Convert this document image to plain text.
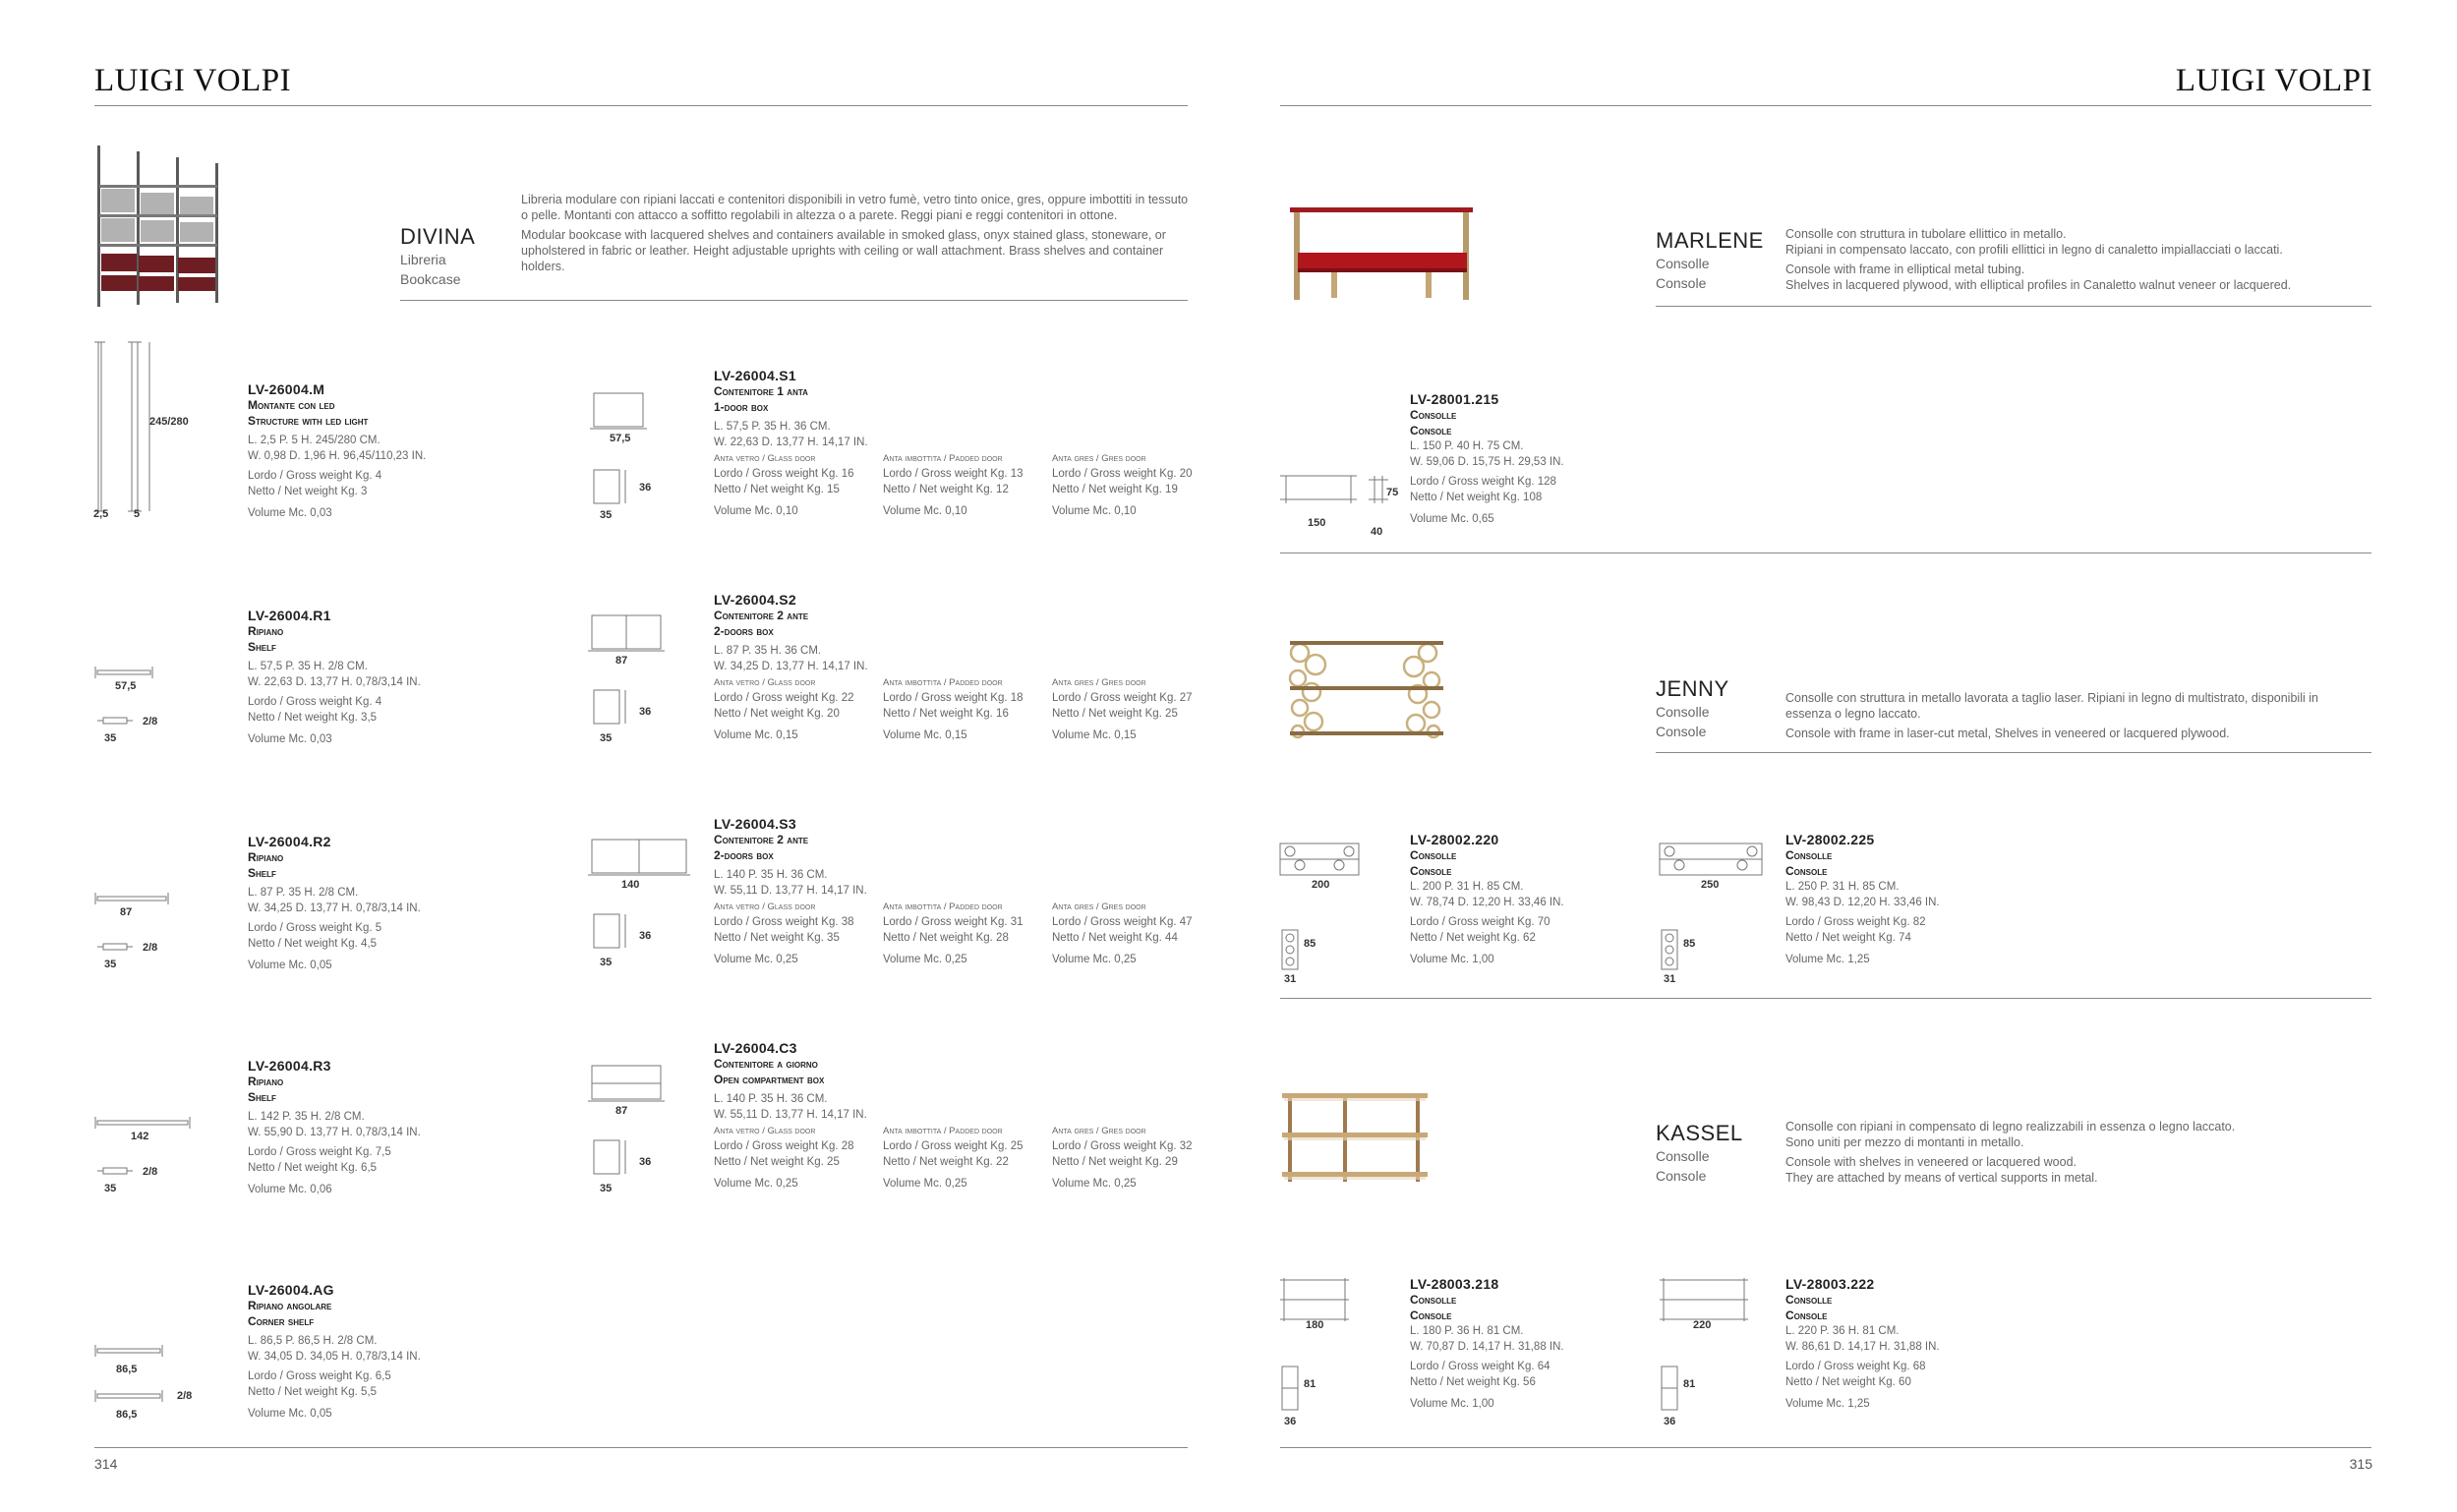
LUIGI VOLPI
DIVINA
Libreria
Bookcase

Libreria modulare con ripiani laccati e contenitori disponibili in vetro fumè, vetro tinto onice, gres, oppure imbottiti in tessuto o pelle. Montanti con attacco a soffitto regolabili in altezza o a parete. Reggi piani e reggi contenitori in ottone.

Modular bookcase with lacquered shelves and containers available in smoked glass, onyx stained glass, stoneware, or upholstered in fabric or leather. Height adjustable uprights with ceiling or wall attachment. Brass shelves and container holders.

245/280
2,5 5
57,5
2/8
35
87
2/8
35
142
2/8
35
86,5
2/8
86,5
LV-26004.M
Montante con led
Structure with led light
L. 2,5 P. 5 H. 245/280 CM.
W. 0,98 D. 1,96 H. 96,45/110,23 IN.
Lordo / Gross weight Kg. 4
Netto / Net weight Kg. 3
Volume Mc. 0,03
LV-26004.R1
Ripiano
Shelf
L. 57,5 P. 35 H. 2/8 CM.
W. 22,63 D. 13,77 H. 0,78/3,14 IN.
Lordo / Gross weight Kg. 4
Netto / Net weight Kg. 3,5
Volume Mc. 0,03
LV-26004.R2
Ripiano
Shelf
L. 87 P. 35 H. 2/8 CM.
W. 34,25 D. 13,77 H. 0,78/3,14 IN.
Lordo / Gross weight Kg. 5
Netto / Net weight Kg. 4,5
Volume Mc. 0,05
LV-26004.R3
Ripiano
Shelf
L. 142 P. 35 H. 2/8 CM.
W. 55,90 D. 13,77 H. 0,78/3,14 IN.
Lordo / Gross weight Kg. 7,5
Netto / Net weight Kg. 6,5
Volume Mc. 0,06
LV-26004.AG
Ripiano angolare
Corner shelf
L. 86,5 P. 86,5 H. 2/8 CM.
W. 34,05 D. 34,05 H. 0,78/3,14 IN.
Lordo / Gross weight Kg. 6,5
Netto / Net weight Kg. 5,5
Volume Mc. 0,05
57,5
36
35
87
36
35
140
36
35
87
36
35
LV-26004.S1
Contenitore 1 anta
1-door box
L. 57,5 P. 35 H. 36 CM.
W. 22,63 D. 13,77 H. 14,17 IN.
Anta vetro / Glass door
Lordo / Gross weight Kg. 16
Netto / Net weight Kg. 15
Volume Mc. 0,10
Anta imbottita / Padded door
Lordo / Gross weight Kg. 13
Netto / Net weight Kg. 12
Volume Mc. 0,10
Anta gres / Gres door
Lordo / Gross weight Kg. 20
Netto / Net weight Kg. 19
Volume Mc. 0,10
LV-26004.S2
Contenitore 2 ante
2-doors box
L. 87 P. 35 H. 36 CM.
W. 34,25 D. 13,77 H. 14,17 IN.
Anta vetro / Glass door
Lordo / Gross weight Kg. 22
Netto / Net weight Kg. 20
Volume Mc. 0,15
Anta imbottita / Padded door
Lordo / Gross weight Kg. 18
Netto / Net weight Kg. 16
Volume Mc. 0,15
Anta gres / Gres door
Lordo / Gross weight Kg. 27
Netto / Net weight Kg. 25
Volume Mc. 0,15
LV-26004.S3
Contenitore 2 ante
2-doors box
L. 140 P. 35 H. 36 CM.
W. 55,11 D. 13,77 H. 14,17 IN.
Anta vetro / Glass door
Lordo / Gross weight Kg. 38
Netto / Net weight Kg. 35
Volume Mc. 0,25
Anta imbottita / Padded door
Lordo / Gross weight Kg. 31
Netto / Net weight Kg. 28
Volume Mc. 0,25
Anta gres / Gres door
Lordo / Gross weight Kg. 47
Netto / Net weight Kg. 44
Volume Mc. 0,25
LV-26004.C3
Contenitore a giorno
Open compartment box
L. 140 P. 35 H. 36 CM.
W. 55,11 D. 13,77 H. 14,17 IN.
Anta vetro / Glass door
Lordo / Gross weight Kg. 28
Netto / Net weight Kg. 25
Volume Mc. 0,25
Anta imbottita / Padded door
Lordo / Gross weight Kg. 25
Netto / Net weight Kg. 22
Volume Mc. 0,25
Anta gres / Gres door
Lordo / Gross weight Kg. 32
Netto / Net weight Kg. 29
Volume Mc. 0,25
314
LUIGI VOLPI
MARLENE
Consolle
Console

Consolle con struttura in tubolare ellittico in metallo.

Ripiani in compensato laccato, con profili ellittici in legno di canaletto impiallacciati o laccati.

Console with frame in elliptical metal tubing.

Shelves in lacquered plywood, with elliptical profiles in Canaletto walnut veneer or lacquered.

75
150
40
LV-28001.215
Consolle
Console
L. 150 P. 40 H. 75 CM.
W. 59,06 D. 15,75 H. 29,53 IN.
Lordo / Gross weight Kg. 128
Netto / Net weight Kg. 108
Volume Mc. 0,65
JENNY
Consolle
Console

Consolle con struttura in metallo lavorata a taglio laser. Ripiani in legno di multistrato, disponibili in essenza o legno laccato.

Console with frame in laser-cut metal, Shelves in veneered or lacquered plywood.

200
85
31
250
85
31
LV-28002.220
Consolle
Console
L. 200 P. 31 H. 85 CM.
W. 78,74 D. 12,20 H. 33,46 IN.
Lordo / Gross weight Kg. 70
Netto / Net weight Kg. 62
Volume Mc. 1,00
LV-28002.225
Consolle
Console
L. 250 P. 31 H. 85 CM.
W. 98,43 D. 12,20 H. 33,46 IN.
Lordo / Gross weight Kg. 82
Netto / Net weight Kg. 74
Volume Mc. 1,25
KASSEL
Consolle
Console

Consolle con ripiani in compensato di legno realizzabili in essenza o legno laccato.

Sono uniti per mezzo di montanti in metallo.

Console with shelves in veneered or lacquered wood.

They are attached by means of vertical supports in metal.

180
81
36
220
81
36
LV-28003.218
Consolle
Console
L. 180 P. 36 H. 81 CM.
W. 70,87 D. 14,17 H. 31,88 IN.
Lordo / Gross weight Kg. 64
Netto / Net weight Kg. 56
Volume Mc. 1,00
LV-28003.222
Consolle
Console
L. 220 P. 36 H. 81 CM.
W. 86,61 D. 14,17 H. 31,88 IN.
Lordo / Gross weight Kg. 68
Netto / Net weight Kg. 60
Volume Mc. 1,25
315
